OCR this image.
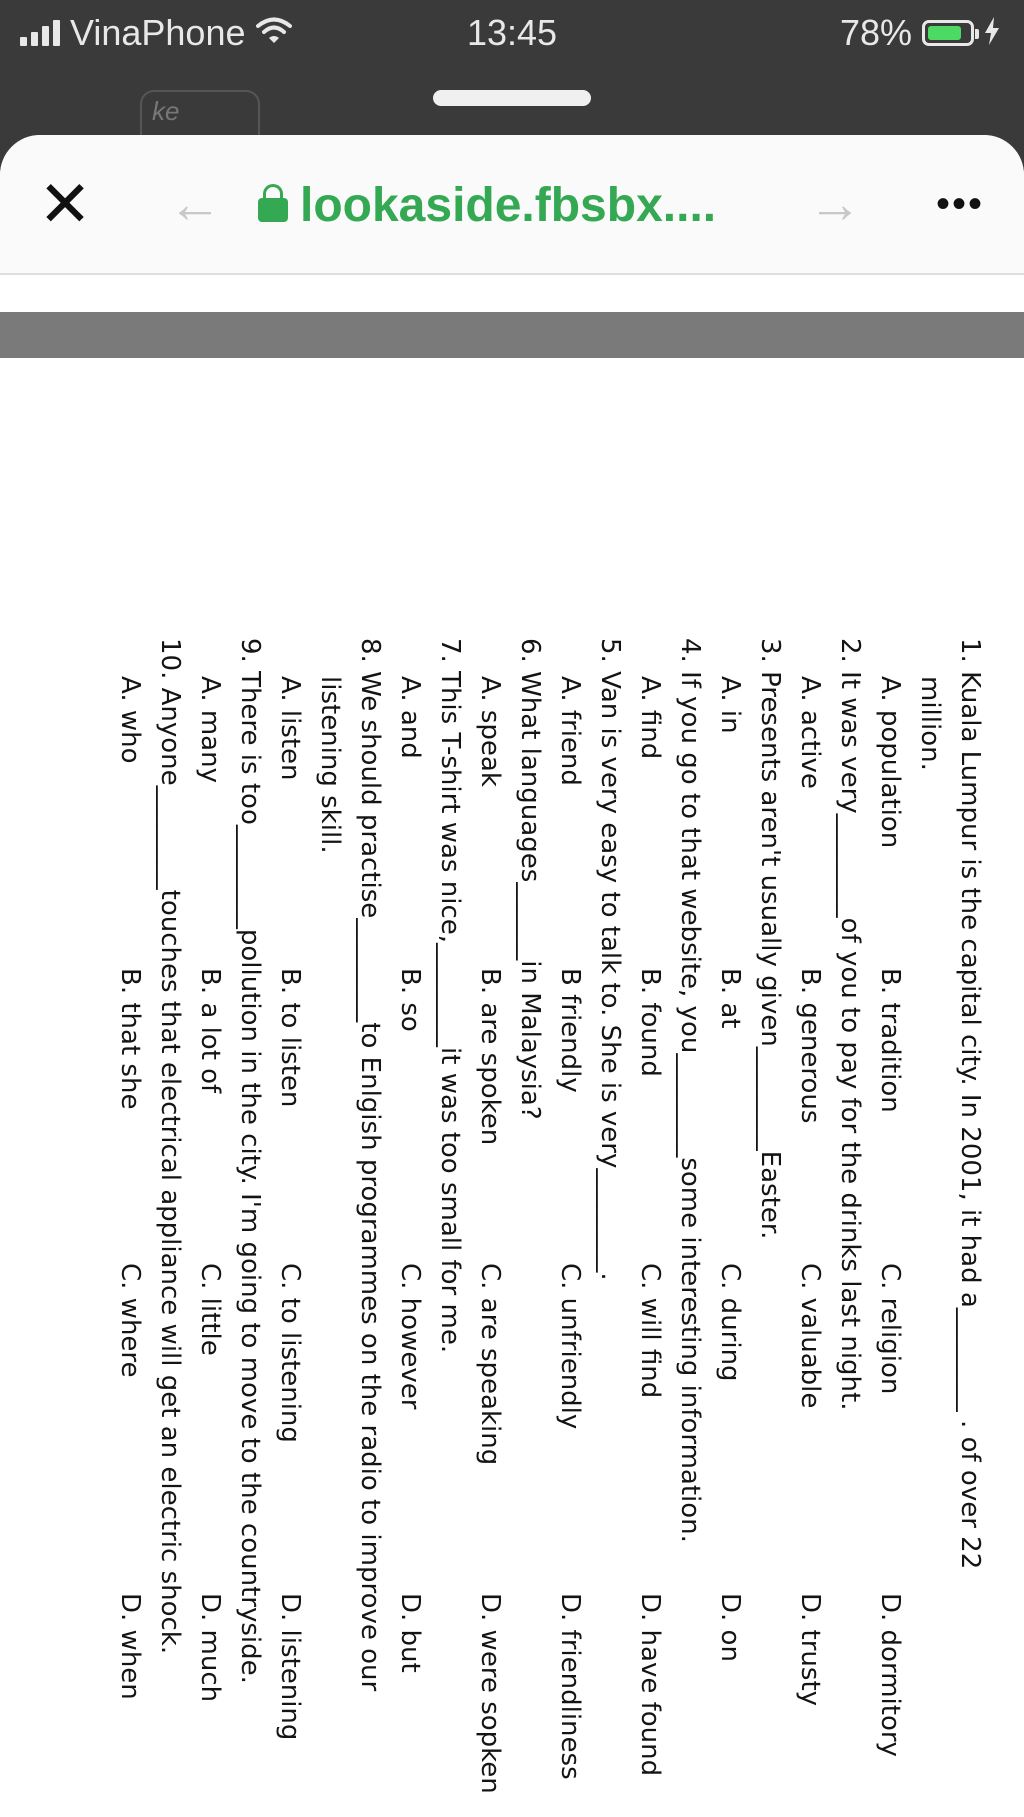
VinaPhone	13:45	78%
ke
✕ ← lookaside.fbsbx.... →	•••
1. Kuala Lumpur is the capital city. In 2001, it had a________ . of over 22
million.
A. population
B. tradition
C. religion
D. dormitory
2. It was very________of you to pay for the drinks last night.
A. active
B. generous
C. valuable
D. trusty
3. Presents aren't usually given________Easter.
A. in
B. at
C. during
D. on
4. If you go to that website, you________some interesting information.
A. find
B. found
C. will find
D. have found
5. Van is very easy to talk to. She is very________.
A. friend
B friendly
C. unfriendly
D. friendliness
6. What languages______in Malaysia?
A. speak
B. are spoken
C. are speaking
D. were sopken
7. This T-shirt was nice,________it was too small for me.
A. and
B. so
C. however
D. but
8. We should practise________to Enlgish programmes on the radio to improve our
listening skill.
A. listen
B. to listen
C. to listening
D. listening
9. There is too________pollution in the city. I'm going to move to the countryside.
A. many
B. a lot of
C. little
D. much
10. Anyone________touches that electrical appliance will get an electric shock.
A. who
B. that she
C. where
D. when
